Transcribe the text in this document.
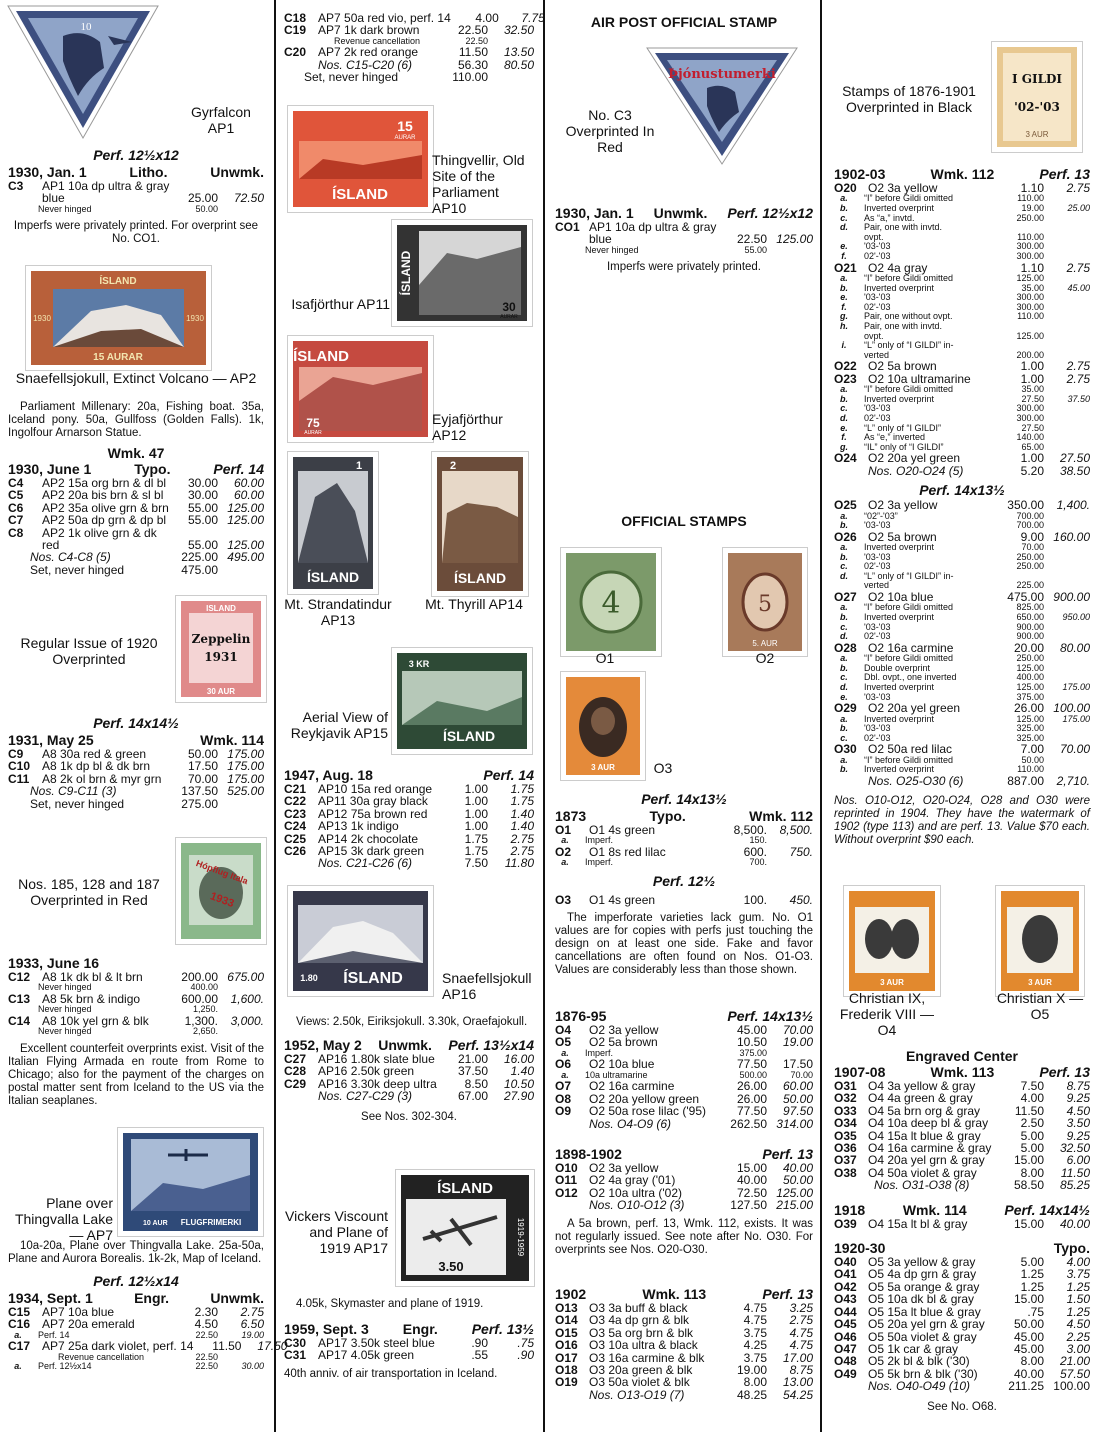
10
Gyrfalcon AP1
Perf. 12½x12
1930, Jan. 1	Litho.	Unwmk.
C3	AP1 10a dp ultra & gray blue	25.00	72.50
Never hinged	50.00
Imperfs were privately printed. For overprint see No. CO1.
ÍSLAND
1930	1930
15 AURAR
Snaefellsjokull, Extinct Volcano — AP2
Parliament Millenary: 20a, Fishing boat. 35a, Iceland pony. 50a, Gullfoss (Golden Falls). 1k, Ingolfour Arnarson Statue.
Wmk. 47
1930, June 1	Typo.	Perf. 14
C4	AP2 15a org brn & dl bl	30.00	60.00
C5	AP2 20a bis brn & sl bl	30.00	60.00
C6	AP2 35a olive grn & brn	55.00 125.00
C7	AP2 50a dp grn & dp bl	55.00 125.00
C8	AP2 1k olive grn & dk red	55.00 125.00
Nos. C4-C8 (5)	225.00 495.00
Set, never hinged	475.00
ISLAND
Zeppelin
1931
30 AUR
Regular Issue of 1920 Overprinted
Perf. 14x14½
1931, May 25	Wmk. 114
C9	A8 30a red & green	50.00 175.00
C10 A8 1k dp bl & dk brn	17.50 175.00
C11	A8 2k ol brn & myr grn	70.00 175.00
Nos. C9-C11 (3)	137.50 525.00
Set, never hinged	275.00
Hópflug Itala
1933
Nos. 185, 128 and 187 Overprinted in Red
1933, June 16
C12 A8 1k dk bl & lt brn	200.00 675.00
Never hinged	400.00
C13 A8 5k brn & indigo	600.00	1,600.
Never hinged	1,250.
C14 A8 10k yel grn & blk	1,300.	3,000.
Never hinged	2,650.
Excellent counterfeit overprints exist. Visit of the Italian Flying Armada en route from Rome to Chicago; also for the payment of the charges on postal matter sent from Iceland to the US via the Italian seaplanes.
10 AUR FLUGFRIMERKI
Plane over Thingvalla Lake — AP7
10a-20a, Plane over Thingvalla Lake. 25a-50a, Plane and Aurora Borealis. 1k-2k, Map of Iceland.
Perf. 12½x14
1934, Sept. 1	Engr.	Unwmk.
C15 AP7 10a blue	2.30	2.75
C16 AP7 20a emerald	4.50	6.50
a.	Perf. 14	22.50	19.00
C17 AP7 25a dark violet, perf. 14	11.50	17.50
Revenue cancellation	22.50
a.	Perf. 12½x14	22.50	30.00
C18 AP7 50a red vio, perf. 14	4.00	7.75
C19 AP7 1k dark brown	22.50	32.50
Revenue cancellation	22.50
C20 AP7 2k red orange	11.50	13.50
Nos. C15-C20 (6)	56.30	80.50
Set, never hinged	110.00
15
AURAR
ÍSLAND
Thingvellir, Old Site of the Parliament AP10
ÍSLAND
30
AURAR
Isafjörthur AP11
ÍSLAND
75
AURAR
Eyjafjörthur AP12
1
ÍSLAND
Mt. Strandatindur AP13
2
ÍSLAND
Mt. Thyrill AP14
3 KR
ÍSLAND
Aerial View of Reykjavik AP15
1947, Aug. 18	Perf. 14
C21 AP10 15a red orange	1.00	1.75
C22 AP11 30a gray black	1.00	1.75
C23 AP12 75a brown red	1.00	1.40
C24 AP13 1k indigo	1.00	1.40
C25 AP14 2k chocolate	1.75	2.75
C26 AP15 3k dark green	1.75	2.75
Nos. C21-C26 (6)	7.50	11.80
1.80 ÍSLAND	Snaefellsjokull AP16
Views: 2.50k, Eiriksjokull. 3.30k, Oraefajokull.
1952, May 2 Unwmk. Perf. 13½x14
C27 AP16 1.80k slate blue	21.00	16.00
C28 AP16 2.50k green	37.50	1.40
C29 AP16 3.30k deep ultra	8.50	10.50
Nos. C27-C29 (3)	67.00	27.90
See Nos. 302-304.
ÍSLAND
1919-1959
3.50
Vickers Viscount and Plane of 1919 AP17
4.05k, Skymaster and plane of 1919.
1959, Sept. 3 Engr. Perf. 13½
C30 AP17 3.50k steel blue	.90	.75
C31 AP17 4.05k green	.55	.90
40th anniv. of air transportation in Iceland.
AIR POST OFFICIAL STAMP
Þjónustumerki
No. C3 Overprinted In Red
1930, Jan. 1 Unwmk. Perf. 12½x12
CO1 AP1 10a dp ultra & gray blue	22.50 125.00
Never hinged	55.00
Imperfs were privately printed.
OFFICIAL STAMPS
4
O1
5
5. AUR
O2
3 AUR	O3
Perf. 14x13½
1873	Typo.	Wmk. 112
O1	O1 4s green	8,500.	8,500.
a.	Imperf.	150.
O2	O1 8s red lilac	600.	750.
a.	Imperf.	700.
Perf. 12½
O3	O1 4s green	100.	450.
The imperforate varieties lack gum. No. O1 values are for copies with perfs just touching the design on at least one side. Fake and favor cancellations are often found on Nos. O1-O3. Values are considerably less than those shown.
1876-95	Perf. 14x13½
O4	O2 3a yellow	45.00	70.00
O5	O2 5a brown	10.50	19.00
a.	Imperf.	375.00
O6	O2 10a blue	77.50	17.50
a.	10a ultramarine	500.00	70.00
O7	O2 16a carmine	26.00	60.00
O8	O2 20a yellow green	26.00	50.00
O9	O2 50a rose lilac ('95)	77.50	97.50
Nos. O4-O9 (6)	262.50 314.00
1898-1902	Perf. 13
O10 O2 3a yellow	15.00	40.00
O11 O2 4a gray ('01)	40.00	50.00
O12 O2 10a ultra ('02)	72.50 125.00
Nos. O10-O12 (3)	127.50 215.00
A 5a brown, perf. 13, Wmk. 112, exists. It was not regularly issued. See note after No. O30. For overprints see Nos. O20-O30.
1902	Wmk. 113	Perf. 13
O13 O3 3a buff & black	4.75	3.25
O14 O3 4a dp grn & blk	4.75	2.75
O15 O3 5a org brn & blk	3.75	4.75
O16 O3 10a ultra & black	4.25	4.75
O17 O3 16a carmine & blk	3.75	17.00
O18 O3 20a green & blk	19.00	8.75
O19 O3 50a violet & blk	8.00	13.00
Nos. O13-O19 (7)	48.25	54.25
I GILDI
'02-'03
3 AUR
Stamps of 1876-1901 Overprinted in Black
1902-03	Wmk. 112	Perf. 13
O20 O2 3a yellow	1.10	2.75
a.	“I” before Gildi omitted	110.00
b.	Inverted overprint	19.00	25.00
c.	As “a,” invtd.	250.00
d.	Pair, one with invtd.
ovpt.	110.00
e.	'03-'03	300.00
f.	02'-'03	300.00
O21 O2 4a gray	1.10	2.75
a.	“I” before Gildi omitted	125.00
b.	Inverted overprint	35.00	45.00
e.	'03-'03	300.00
f.	02'-'03	300.00
g.	Pair, one without ovpt.	110.00
h.	Pair, one with invtd.
ovpt.	125.00
i.	“L” only of “I GILDI” in-
verted	200.00
O22 O2 5a brown	1.00	2.75
O23 O2 10a ultramarine	1.00	2.75
a.	“I” before Gildi omitted	35.00
b.	Inverted overprint	27.50	37.50
c.	'03-'03	300.00
d.	02'-'03	300.00
e.	“L” only of “I GILDI”	27.50
f.	As “e,” inverted	140.00
g.	“IL” only of “I GILDI”	65.00
O24 O2 20a yel green	1.00	27.50
Nos. O20-O24 (5)	5.20	38.50
Perf. 14x13½
O25 O2 3a yellow	350.00	1,400.
a.	“02”-'03”	700.00
b.	'03-'03	700.00
O26 O2 5a brown	9.00 160.00
a.	Inverted overprint	70.00
b.	'03-'03	250.00
c.	02'-'03	250.00
d.	“L” only of “I GILDI” in-
verted	225.00
O27 O2 10a blue	475.00 900.00
a.	“I” before Gildi omitted	825.00
b.	Inverted overprint	650.00	950.00
c.	'03-'03	900.00
d.	02'-'03	900.00
O28 O2 16a carmine	20.00	80.00
a.	“I” before Gildi omitted	250.00
b.	Double overprint	125.00
c.	Dbl. ovpt., one inverted	400.00
d.	Inverted overprint	125.00	175.00
e.	'03-'03	375.00
O29 O2 20a yel green	26.00 100.00
a.	Inverted overprint	125.00	175.00
b.	'03-'03	325.00
c.	02'-'03	325.00
O30 O2 50a red lilac	7.00	70.00
a.	“I” before Gildi omitted	50.00
b.	Inverted overprint	110.00
Nos. O25-O30 (6)	887.00	2,710.
Nos. O10-O12, O20-O24, O28 and O30 were reprinted in 1904. They have the watermark of 1902 (type 113) and are perf. 13. Value $70 each. Without overprint $90 each.
3 AUR
Christian IX, Frederik VIII — O4
3 AUR
Christian X — O5
Engraved Center
1907-08	Wmk. 113	Perf. 13
O31 O4 3a yellow & gray	7.50	8.75
O32 O4 4a green & gray	4.00	9.25
O33 O4 5a brn org & gray	11.50	4.50
O34 O4 10a deep bl & gray	2.50	3.50
O35 O4 15a lt blue & gray	5.00	9.25
O36 O4 16a carmine & gray	5.00	32.50
O37 O4 20a yel grn & gray	15.00	6.00
O38 O4 50a violet & gray	8.00	11.50
Nos. O31-O38 (8)	58.50	85.25
1918	Wmk. 114	Perf. 14x14½
O39 O4 15a lt bl & gray	15.00	40.00
1920-30	Typo.
O40 O5 3a yellow & gray	5.00	4.00
O41 O5 4a dp grn & gray	1.25	3.75
O42 O5 5a orange & gray	1.25	1.25
O43 O5 10a dk bl & gray	15.00	1.50
O44 O5 15a lt blue & gray	.75	1.25
O45 O5 20a yel grn & gray	50.00	4.50
O46 O5 50a violet & gray	45.00	2.25
O47 O5 1k car & gray	45.00	3.00
O48 O5 2k bl & blk ('30)	8.00	21.00
O49 O5 5k brn & blk ('30)	40.00	57.50
Nos. O40-O49 (10)	211.25 100.00
See No. O68.
